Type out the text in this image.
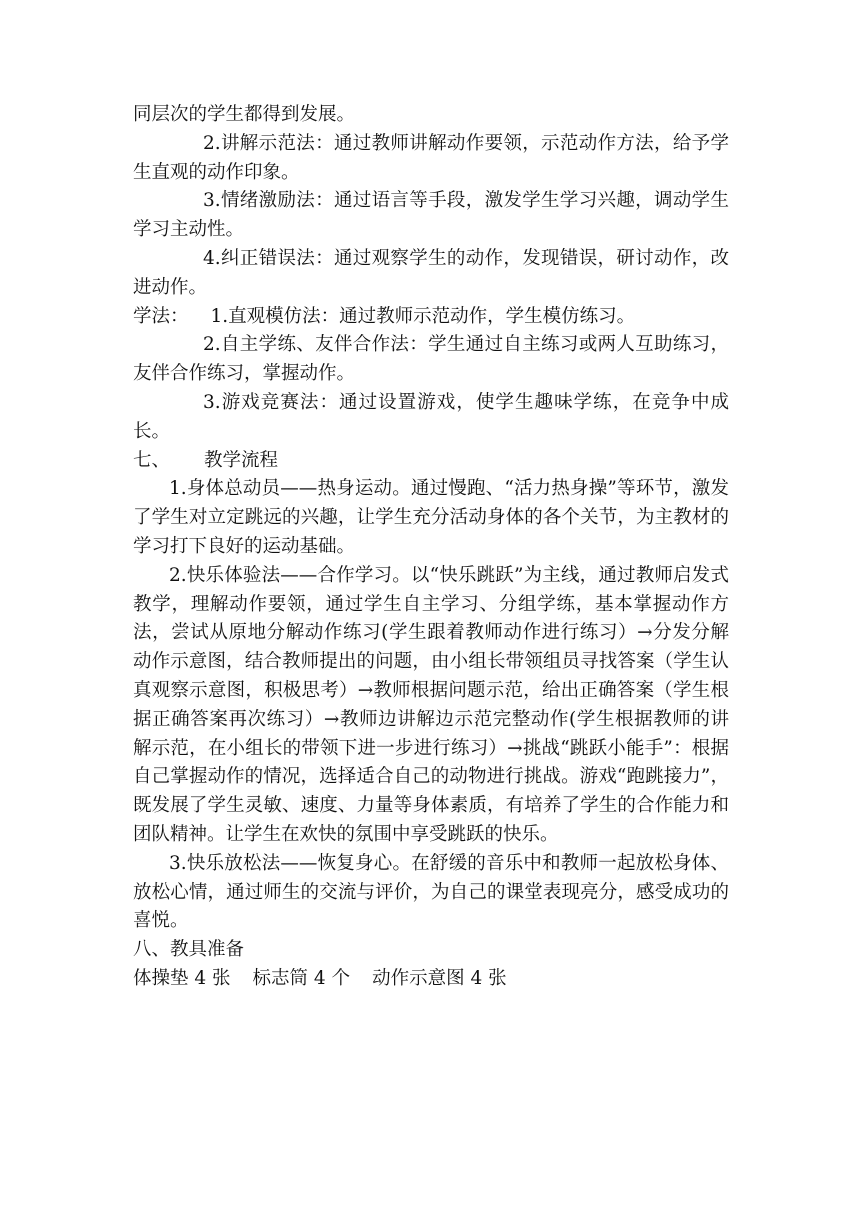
同层次的学生都得到发展。

2.讲解示范法：通过教师讲解动作要领，示范动作方法，给予学生直观的动作印象。

3.情绪激励法：通过语言等手段，激发学生学习兴趣，调动学生学习主动性。

4.纠正错误法：通过观察学生的动作，发现错误，研讨动作，改进动作。

学法： 1.直观模仿法：通过教师示范动作，学生模仿练习。

2.自主学练、友伴合作法：学生通过自主练习或两人互助练习，友伴合作练习，掌握动作。

3.游戏竞赛法：通过设置游戏，使学生趣味学练，在竞争中成长。

七、 教学流程

1.身体总动员——热身运动。通过慢跑、“活力热身操”等环节，激发了学生对立定跳远的兴趣，让学生充分活动身体的各个关节，为主教材的学习打下良好的运动基础。

2.快乐体验法——合作学习。以“快乐跳跃”为主线，通过教师启发式教学，理解动作要领，通过学生自主学习、分组学练，基本掌握动作方法，尝试从原地分解动作练习(学生跟着教师动作进行练习）→分发分解动作示意图，结合教师提出的问题，由小组长带领组员寻找答案（学生认真观察示意图，积极思考）→教师根据问题示范，给出正确答案（学生根据正确答案再次练习）→教师边讲解边示范完整动作(学生根据教师的讲解示范，在小组长的带领下进一步进行练习）→挑战“跳跃小能手”：根据自己掌握动作的情况，选择适合自己的动物进行挑战。游戏“跑跳接力”，既发展了学生灵敏、速度、力量等身体素质，有培养了学生的合作能力和团队精神。让学生在欢快的氛围中享受跳跃的快乐。

3.快乐放松法——恢复身心。在舒缓的音乐中和教师一起放松身体、放松心情，通过师生的交流与评价，为自己的课堂表现亮分，感受成功的喜悦。

八、教具准备

体操垫 4 张 标志筒 4 个 动作示意图 4 张
